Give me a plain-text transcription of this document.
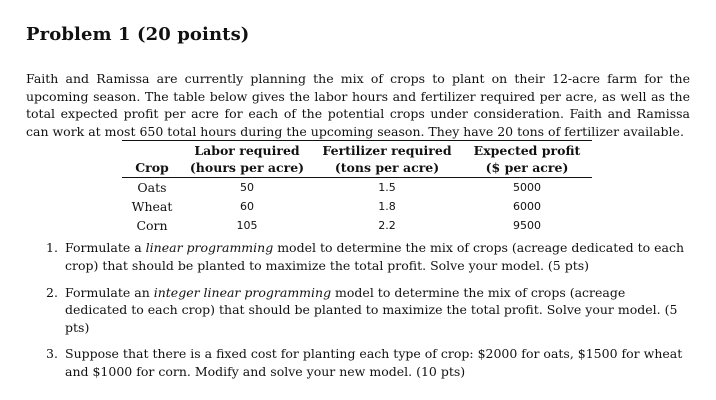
Problem 1 (20 points)

Faith and Ramissa are currently planning the mix of crops to plant on their 12-acre farm for the upcoming season. The table below gives the labor hours and fertilizer required per acre, as well as the total expected profit per acre for each of the potential crops under consideration. Faith and Ramissa can work at most 650 total hours during the upcoming season. They have 20 tons of fertilizer available.

	Labor required	Fertilizer required	Expected profit
Crop	(hours per acre)	(tons per acre)	($ per acre)
Oats	50	1.5	5000
Wheat	60	1.8	6000
Corn	105	2.2	9500
1. Formulate a linear programming model to determine the mix of crops (acreage dedicated to each crop) that should be planted to maximize the total profit. Solve your model. (5 pts)
2. Formulate an integer linear programming model to determine the mix of crops (acreage dedicated to each crop) that should be planted to maximize the total profit. Solve your model. (5 pts)
3. Suppose that there is a fixed cost for planting each type of crop: $2000 for oats, $1500 for wheat and $1000 for corn. Modify and solve your new model. (10 pts)
